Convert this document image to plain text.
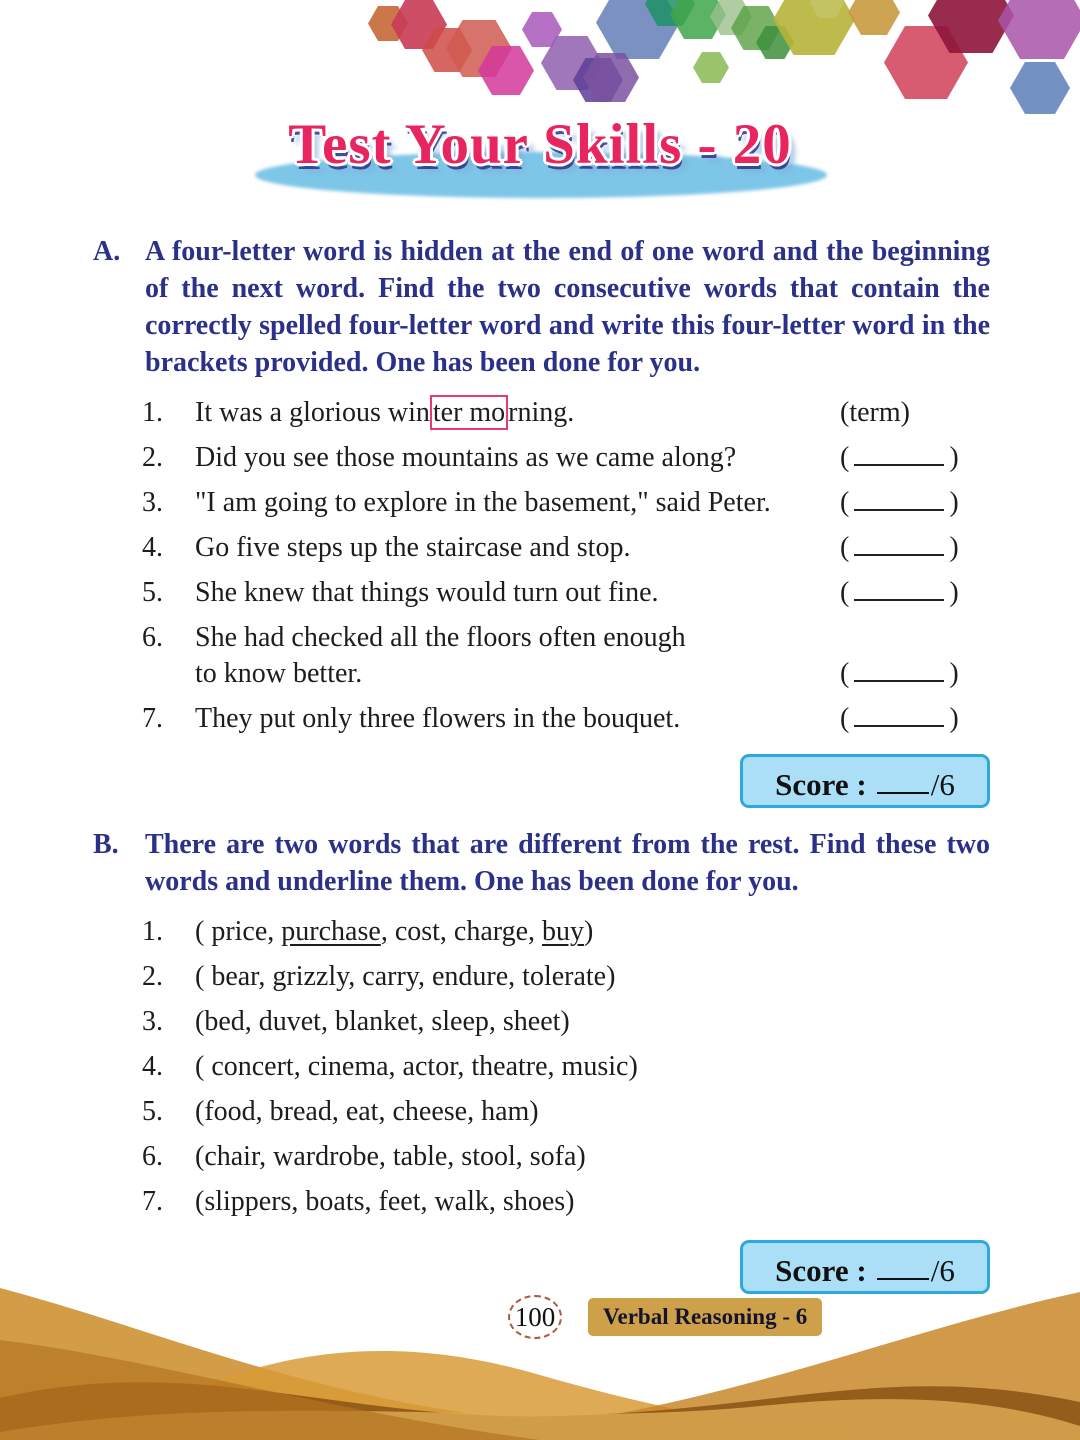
Test Your Skills - 20
A. A four-letter word is hidden at the end of one word and the beginning of the next word. Find the two consecutive words that contain the correctly spelled four-letter word and write this four-letter word in the brackets provided. One has been done for you.

1.	It was a glorious win ter mo rning.	(term)
2.	Did you see those mountains as we came along?	(	)
3.	"I am going to explore in the basement," said Peter.	(	)
4.	Go five steps up the staircase and stop.	(	)
5.	She knew that things would turn out fine.	(	)
6.	She had checked all the floors often enough
to know better.	(	)
7.	They put only three flowers in the bouquet.	(	)
Score : /6
B. There are two words that are different from the rest. Find these two words and underline them. One has been done for you.

1.	( price, purchase, cost, charge, buy)
2.	( bear, grizzly, carry, endure, tolerate)
3.	(bed, duvet, blanket, sleep, sheet)
4.	( concert, cinema, actor, theatre, music)
5.	(food, bread, eat, cheese, ham)
6.	(chair, wardrobe, table, stool, sofa)
7.	(slippers, boats, feet, walk, shoes)
Score : /6
100 Verbal Reasoning - 6
